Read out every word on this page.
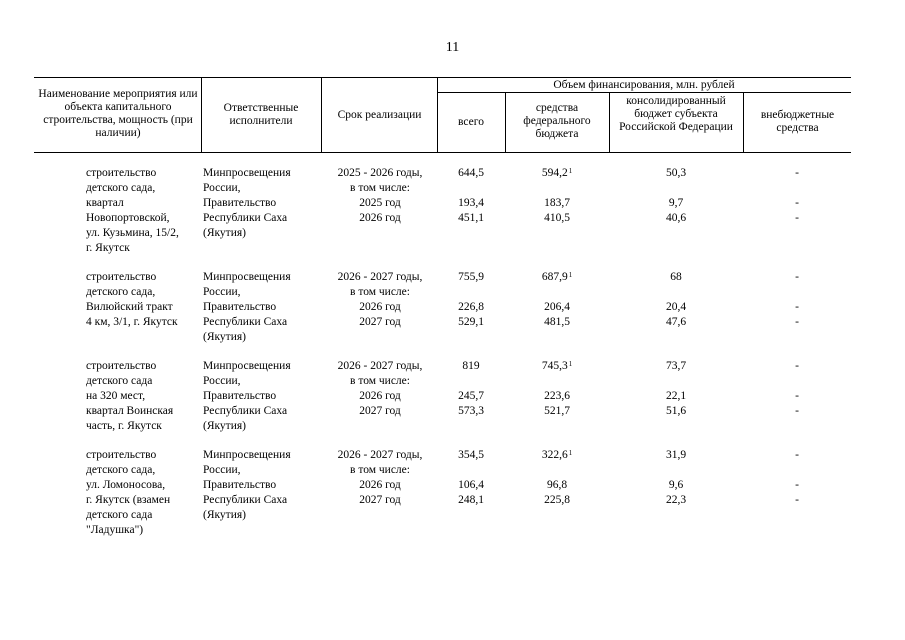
11
Наименование мероприятия или объекта капитального строительства, мощность (при наличии)
Ответственные исполнители	Срок реализации
Объем финансирования, млн. рублей
всего
средства федерального бюджета
консолидированный бюджет субъекта Российской Федерации
внебюджетные средства
строительство
детского сада,
квартал
Новопортовской,
ул. Кузьмина, 15/2,
г. Якутск
Минпросвещения
России,
Правительство
Республики Саха
(Якутия)
2025 - 2026 годы,
в том числе:
2025 год
2026 год
644,5
193,4
451,1
594,2$^1$
183,7
410,5
50,3
9,7
40,6
-
-
-
строительство
детского сада,
Вилюйский тракт
4 км, 3/1, г. Якутск
Минпросвещения
России,
Правительство
Республики Саха
(Якутия)
2026 - 2027 годы,
в том числе:
2026 год
2027 год
755,9
226,8
529,1
687,9$^1$
206,4
481,5
68
20,4
47,6
-
-
-
строительство
детского сада
на 320 мест,
квартал Воинская
часть, г. Якутск
Минпросвещения
России,
Правительство
Республики Саха
(Якутия)
2026 - 2027 годы,
в том числе:
2026 год
2027 год
819
245,7
573,3
745,3$^1$
223,6
521,7
73,7
22,1
51,6
-
-
-
строительство
детского сада,
ул. Ломоносова,
г. Якутск (взамен
детского сада
"Ладушка")
Минпросвещения
России,
Правительство
Республики Саха
(Якутия)
2026 - 2027 годы,
в том числе:
2026 год
2027 год
354,5
106,4
248,1
322,6$^1$
96,8
225,8
31,9
9,6
22,3
-
-
-
